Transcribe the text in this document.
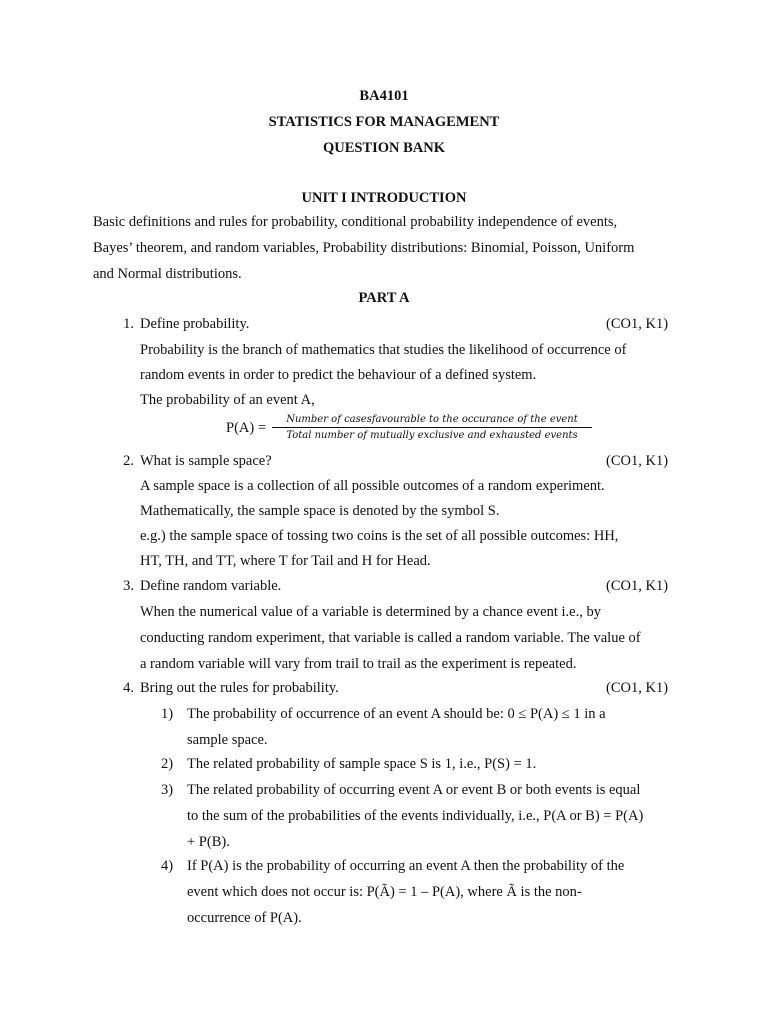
BA4101
STATISTICS FOR MANAGEMENT
QUESTION BANK
UNIT I INTRODUCTION
Basic definitions and rules for probability, conditional probability independence of events,
Bayes’ theorem, and random variables, Probability distributions: Binomial, Poisson, Uniform
and Normal distributions.
PART A
1. Define probability.	(CO1, K1)
Probability is the branch of mathematics that studies the likelihood of occurrence of
random events in order to predict the behaviour of a defined system.
The probability of an event A,
P(A) =
Number of casesfavourable to the occurance of the event
Total number of mutually exclusive and exhausted events
2. What is sample space?	(CO1, K1)
A sample space is a collection of all possible outcomes of a random experiment.
Mathematically, the sample space is denoted by the symbol S.
e.g.) the sample space of tossing two coins is the set of all possible outcomes: HH,
HT, TH, and TT, where T for Tail and H for Head.
3. Define random variable.	(CO1, K1)
When the numerical value of a variable is determined by a chance event i.e., by
conducting random experiment, that variable is called a random variable. The value of
a random variable will vary from trail to trail as the experiment is repeated.
4. Bring out the rules for probability.	(CO1, K1)
1) The probability of occurrence of an event A should be: 0 ≤ P(A) ≤ 1 in a
sample space.
2) The related probability of sample space S is 1, i.e., P(S) = 1.
3) The related probability of occurring event A or event B or both events is equal
to the sum of the probabilities of the events individually, i.e., P(A or B) = P(A)
+ P(B).
4) If P(A) is the probability of occurring an event A then the probability of the
event which does not occur is: P(Ã) = 1 – P(A), where Ã is the non-
occurrence of P(A).
